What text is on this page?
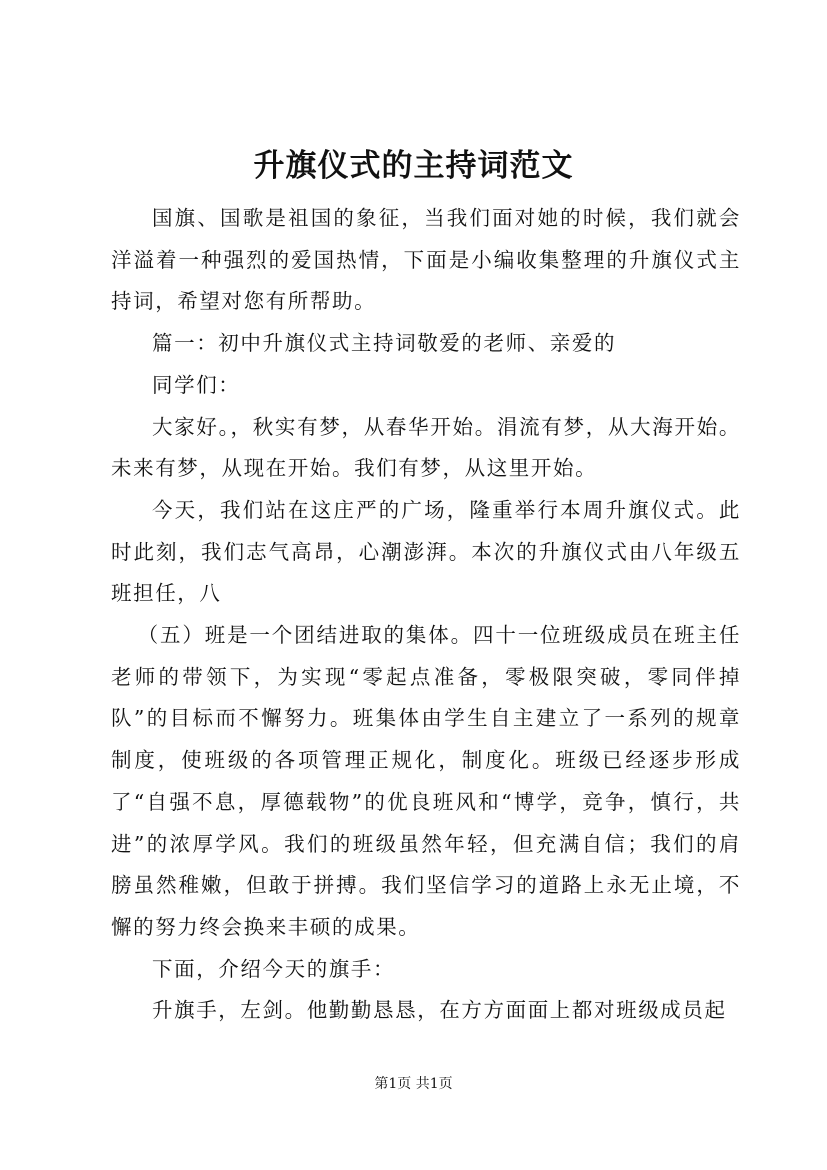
升旗仪式的主持词范文

国旗、国歌是祖国的象征，当我们面对她的时候，我们就会洋溢着一种强烈的爱国热情，下面是小编收集整理的升旗仪式主持词，希望对您有所帮助。

篇一：初中升旗仪式主持词敬爱的老师、亲爱的

同学们：

大家好。，秋实有梦，从春华开始。涓流有梦，从大海开始。未来有梦，从现在开始。我们有梦，从这里开始。

今天，我们站在这庄严的广场，隆重举行本周升旗仪式。此时此刻，我们志气高昂，心潮澎湃。本次的升旗仪式由八年级五班担任，八

（五）班是一个团结进取的集体。四十一位班级成员在班主任老师的带领下，为实现“零起点准备，零极限突破，零同伴掉队”的目标而不懈努力。班集体由学生自主建立了一系列的规章制度，使班级的各项管理正规化，制度化。班级已经逐步形成了“自强不息，厚德载物”的优良班风和“博学，竞争，慎行，共进”的浓厚学风。我们的班级虽然年轻，但充满自信；我们的肩膀虽然稚嫩，但敢于拼搏。我们坚信学习的道路上永无止境，不懈的努力终会换来丰硕的成果。

下面，介绍今天的旗手：

升旗手，左剑。他勤勤恳恳，在方方面面上都对班级成员起

第1页 共1页
